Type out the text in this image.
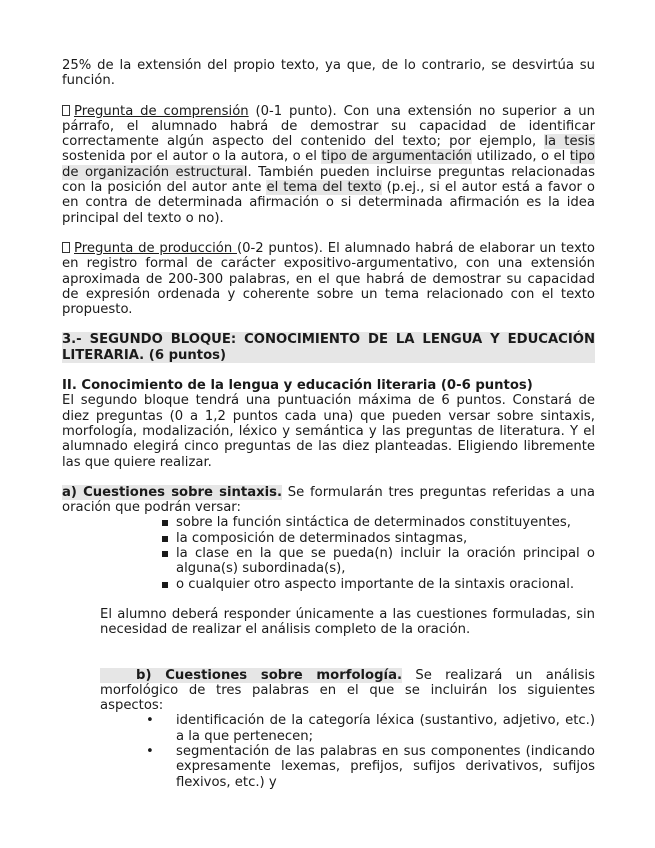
25% de la extensión del propio texto, ya que, de lo contrario, se desvirtúa su función.

Pregunta de comprensión (0-1 punto). Con una extensión no superior a un párrafo, el alumnado habrá de demostrar su capacidad de identificar correctamente algún aspecto del contenido del texto; por ejemplo, la tesis sostenida por el autor o la autora, o el tipo de argumentación utilizado, o el tipo de organización estructural. También pueden incluirse preguntas relacionadas con la posición del autor ante el tema del texto (p.ej., si el autor está a favor o en contra de determinada afirmación o si determinada afirmación es la idea principal del texto o no).

Pregunta de producción (0-2 puntos). El alumnado habrá de elaborar un texto en registro formal de carácter expositivo-argumentativo, con una extensión aproximada de 200-300 palabras, en el que habrá de demostrar su capacidad de expresión ordenada y coherente sobre un tema relacionado con el texto propuesto.

3.- SEGUNDO BLOQUE: CONOCIMIENTO DE LA LENGUA Y EDUCACIÓN LITERARIA. (6 puntos)

II. Conocimiento de la lengua y educación literaria (0-6 puntos)

El segundo bloque tendrá una puntuación máxima de 6 puntos. Constará de diez preguntas (0 a 1,2 puntos cada una) que pueden versar sobre sintaxis, morfología, modalización, léxico y semántica y las preguntas de literatura. Y el alumnado elegirá cinco preguntas de las diez planteadas. Eligiendo libremente las que quiere realizar.

a) Cuestiones sobre sintaxis. Se formularán tres preguntas referidas a una oración que podrán versar:

sobre la función sintáctica de determinados constituyentes,
la composición de determinados sintagmas,
la clase en la que se pueda(n) incluir la oración principal o alguna(s) subordinada(s),
o cualquier otro aspecto importante de la sintaxis oracional.

El alumno deberá responder únicamente a las cuestiones formuladas, sin necesidad de realizar el análisis completo de la oración.

b) Cuestiones sobre morfología. Se realizará un análisis morfológico de tres palabras en el que se incluirán los siguientes aspectos:

• identificación de la categoría léxica (sustantivo, adjetivo, etc.) a la que pertenecen;
• segmentación de las palabras en sus componentes (indicando expresamente lexemas, prefijos, sufijos derivativos, sufijos flexivos, etc.) y
